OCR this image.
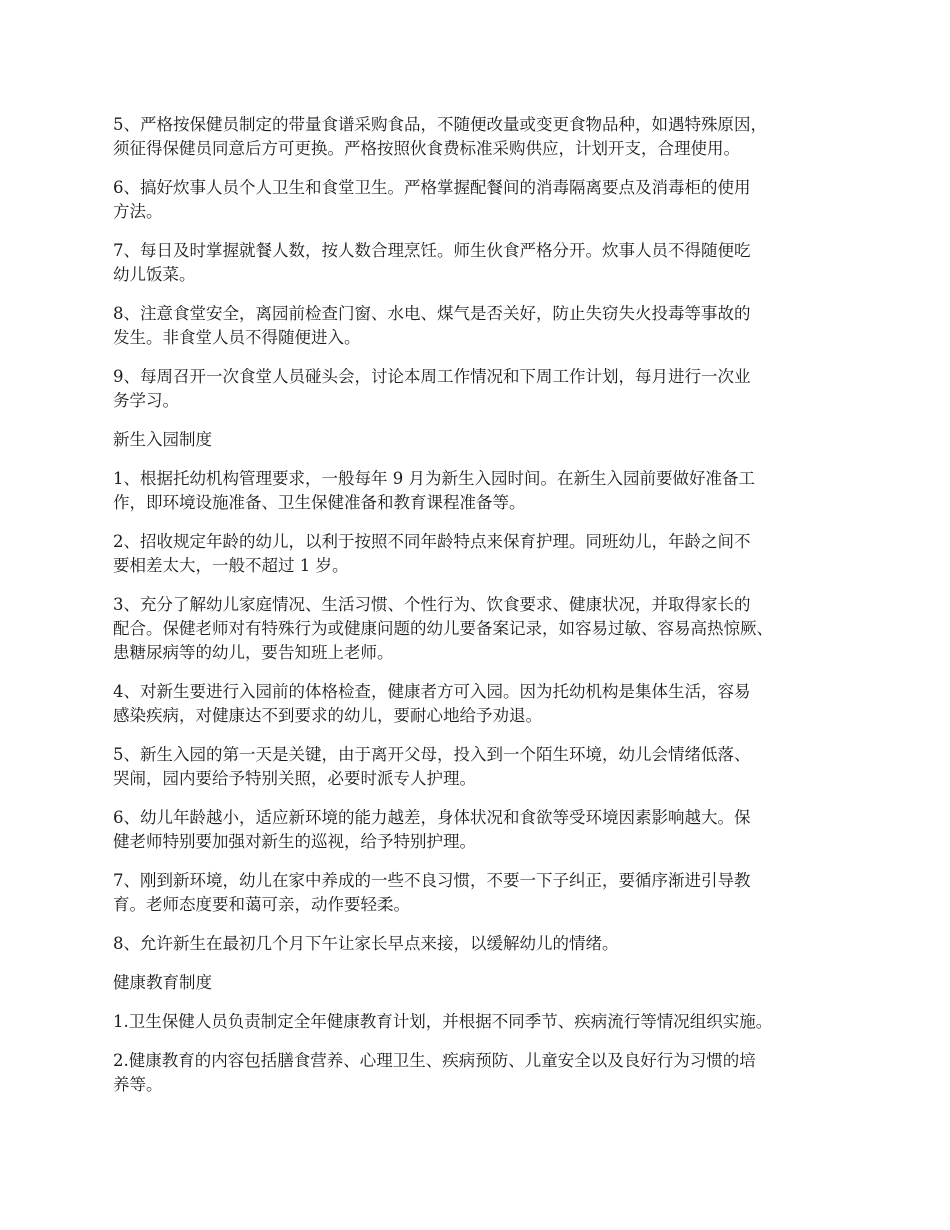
5、严格按保健员制定的带量食谱采购食品，不随便改量或变更食物品种，如遇特殊原因，
须征得保健员同意后方可更换。严格按照伙食费标准采购供应，计划开支，合理使用。

6、搞好炊事人员个人卫生和食堂卫生。严格掌握配餐间的消毒隔离要点及消毒柜的使用
方法。

7、每日及时掌握就餐人数，按人数合理烹饪。师生伙食严格分开。炊事人员不得随便吃
幼儿饭菜。

8、注意食堂安全，离园前检查门窗、水电、煤气是否关好，防止失窃失火投毒等事故的
发生。非食堂人员不得随便进入。

9、每周召开一次食堂人员碰头会，讨论本周工作情况和下周工作计划，每月进行一次业
务学习。

新生入园制度

1、根据托幼机构管理要求，一般每年 9 月为新生入园时间。在新生入园前要做好准备工
作，即环境设施准备、卫生保健准备和教育课程准备等。

2、招收规定年龄的幼儿，以利于按照不同年龄特点来保育护理。同班幼儿，年龄之间不
要相差太大，一般不超过 1 岁。

3、充分了解幼儿家庭情况、生活习惯、个性行为、饮食要求、健康状况，并取得家长的
配合。保健老师对有特殊行为或健康问题的幼儿要备案记录，如容易过敏、容易高热惊厥、
患糖尿病等的幼儿，要告知班上老师。

4、对新生要进行入园前的体格检查，健康者方可入园。因为托幼机构是集体生活，容易
感染疾病，对健康达不到要求的幼儿，要耐心地给予劝退。

5、新生入园的第一天是关键，由于离开父母，投入到一个陌生环境，幼儿会情绪低落、
哭闹，园内要给予特别关照，必要时派专人护理。

6、幼儿年龄越小，适应新环境的能力越差，身体状况和食欲等受环境因素影响越大。保
健老师特别要加强对新生的巡视，给予特别护理。

7、刚到新环境，幼儿在家中养成的一些不良习惯，不要一下子纠正，要循序渐进引导教
育。老师态度要和蔼可亲，动作要轻柔。

8、允许新生在最初几个月下午让家长早点来接，以缓解幼儿的情绪。

健康教育制度

1.卫生保健人员负责制定全年健康教育计划，并根据不同季节、疾病流行等情况组织实施。

2.健康教育的内容包括膳食营养、心理卫生、疾病预防、儿童安全以及良好行为习惯的培
养等。
